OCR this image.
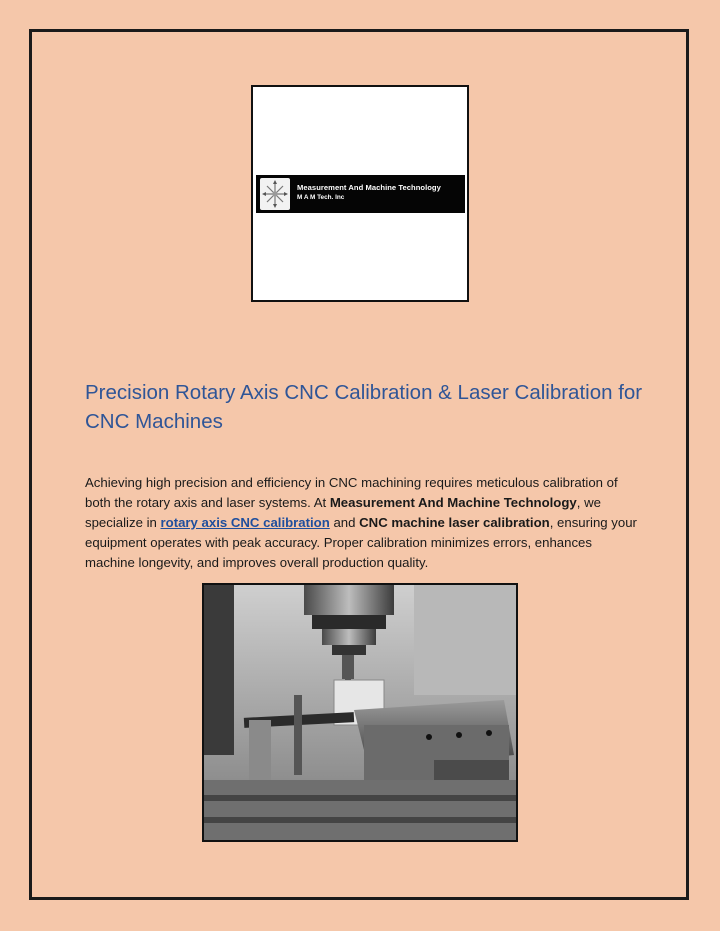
Measurement And Machine Technology
M A M Tech. Inc
Precision Rotary Axis CNC Calibration & Laser Calibration for CNC Machines

Achieving high precision and efficiency in CNC machining requires meticulous calibration of both the rotary axis and laser systems. At Measurement And Machine Technology, we specialize in rotary axis CNC calibration and CNC machine laser calibration, ensuring your equipment operates with peak accuracy. Proper calibration minimizes errors, enhances machine longevity, and improves overall production quality.
